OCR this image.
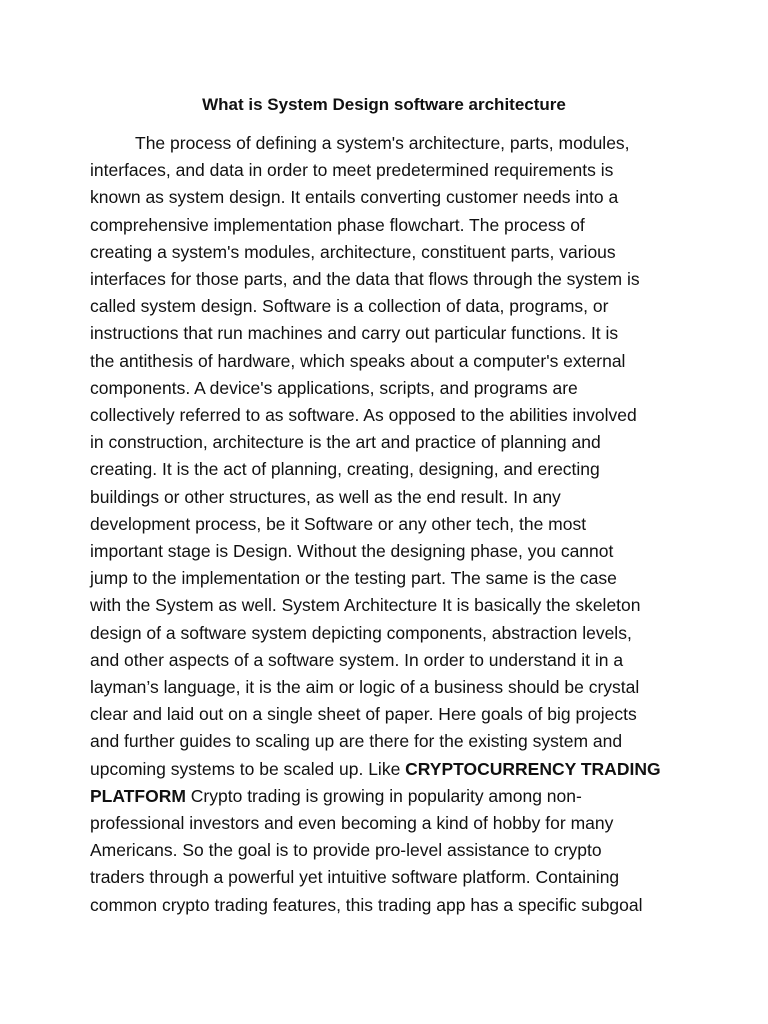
What is System Design software architecture
The process of defining a system's architecture, parts, modules,
interfaces, and data in order to meet predetermined requirements is
known as system design. It entails converting customer needs into a
comprehensive implementation phase flowchart. The process of
creating a system's modules, architecture, constituent parts, various
interfaces for those parts, and the data that flows through the system is
called system design. Software is a collection of data, programs, or
instructions that run machines and carry out particular functions. It is
the antithesis of hardware, which speaks about a computer's external
components. A device's applications, scripts, and programs are
collectively referred to as software. As opposed to the abilities involved
in construction, architecture is the art and practice of planning and
creating. It is the act of planning, creating, designing, and erecting
buildings or other structures, as well as the end result. In any
development process, be it Software or any other tech, the most
important stage is Design. Without the designing phase, you cannot
jump to the implementation or the testing part. The same is the case
with the System as well. System Architecture It is basically the skeleton
design of a software system depicting components, abstraction levels,
and other aspects of a software system. In order to understand it in a
layman’s language, it is the aim or logic of a business should be crystal
clear and laid out on a single sheet of paper. Here goals of big projects
and further guides to scaling up are there for the existing system and
upcoming systems to be scaled up. Like CRYPTOCURRENCY TRADING
PLATFORM Crypto trading is growing in popularity among non-
professional investors and even becoming a kind of hobby for many
Americans. So the goal is to provide pro-level assistance to crypto
traders through a powerful yet intuitive software platform. Containing
common crypto trading features, this trading app has a specific subgoal
